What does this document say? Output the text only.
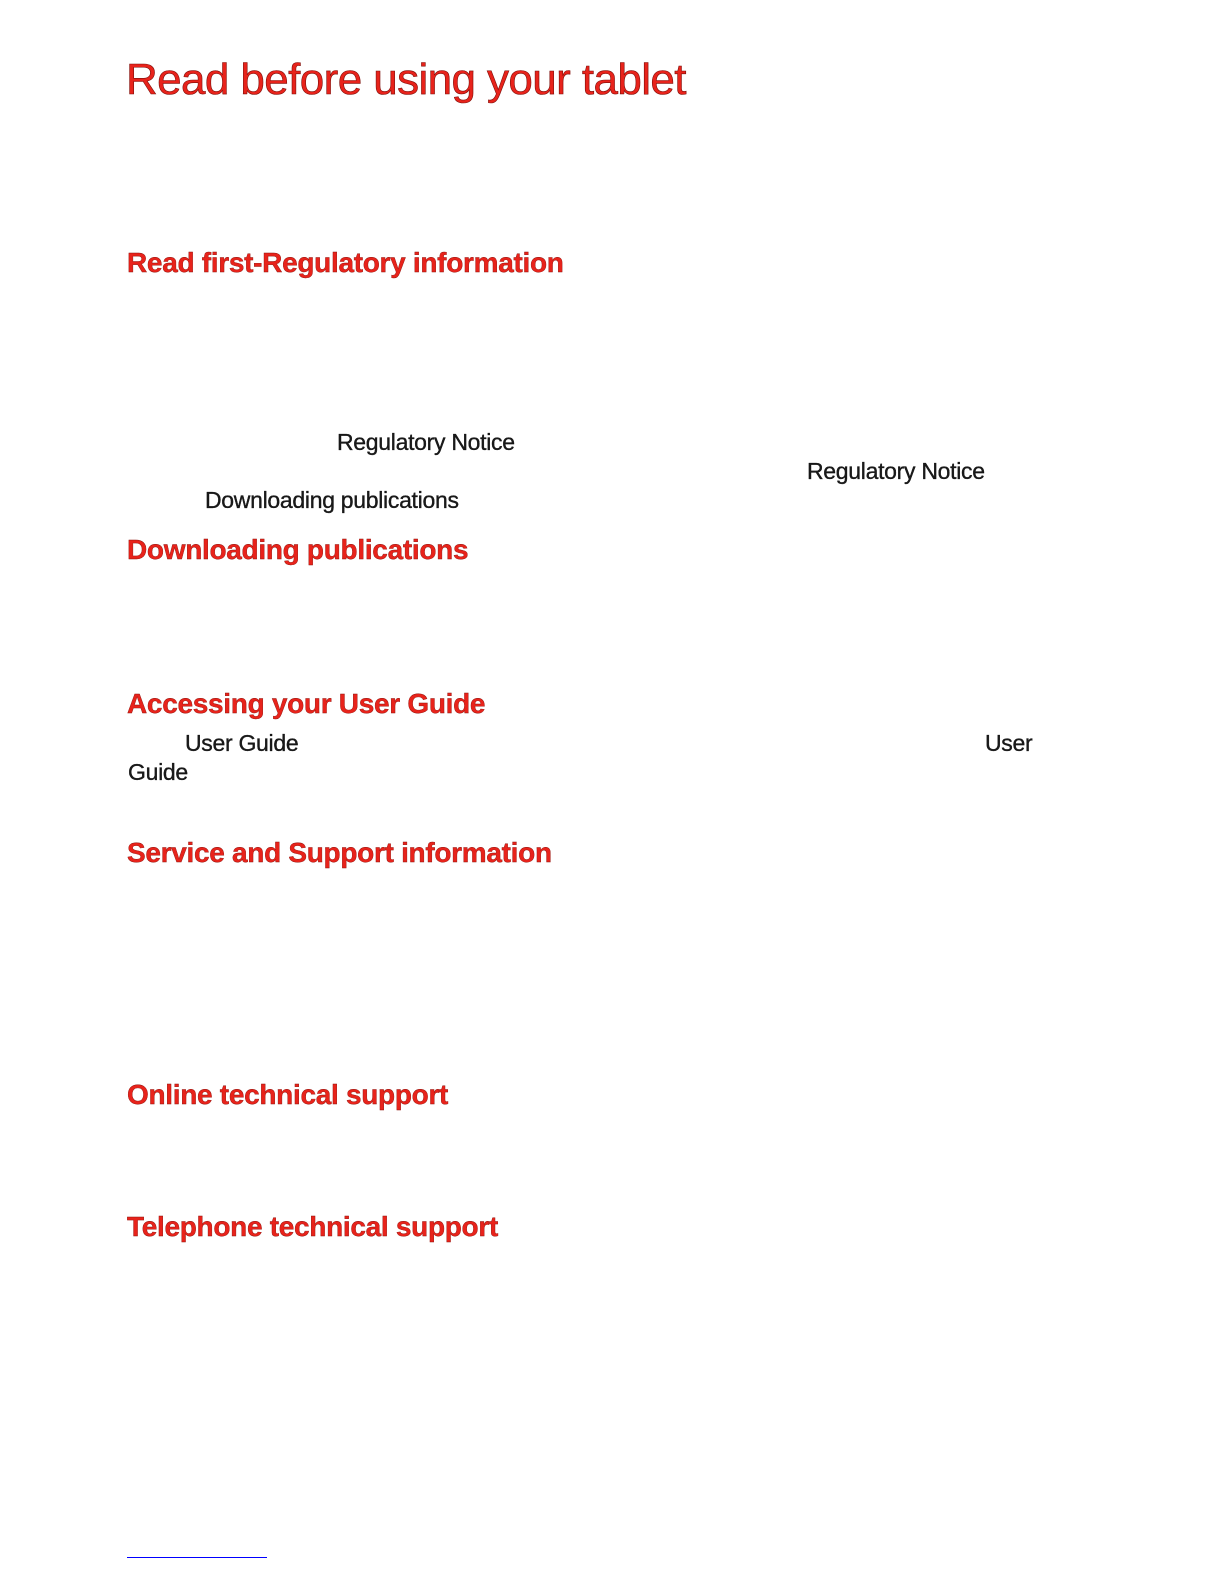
Read before using your tablet
Read first-Regulatory information
Regulatory Notice
Regulatory Notice
Downloading publications
Downloading publications
Accessing your User Guide
User Guide	User
Guide
Service and Support information
Online technical support
Telephone technical support
